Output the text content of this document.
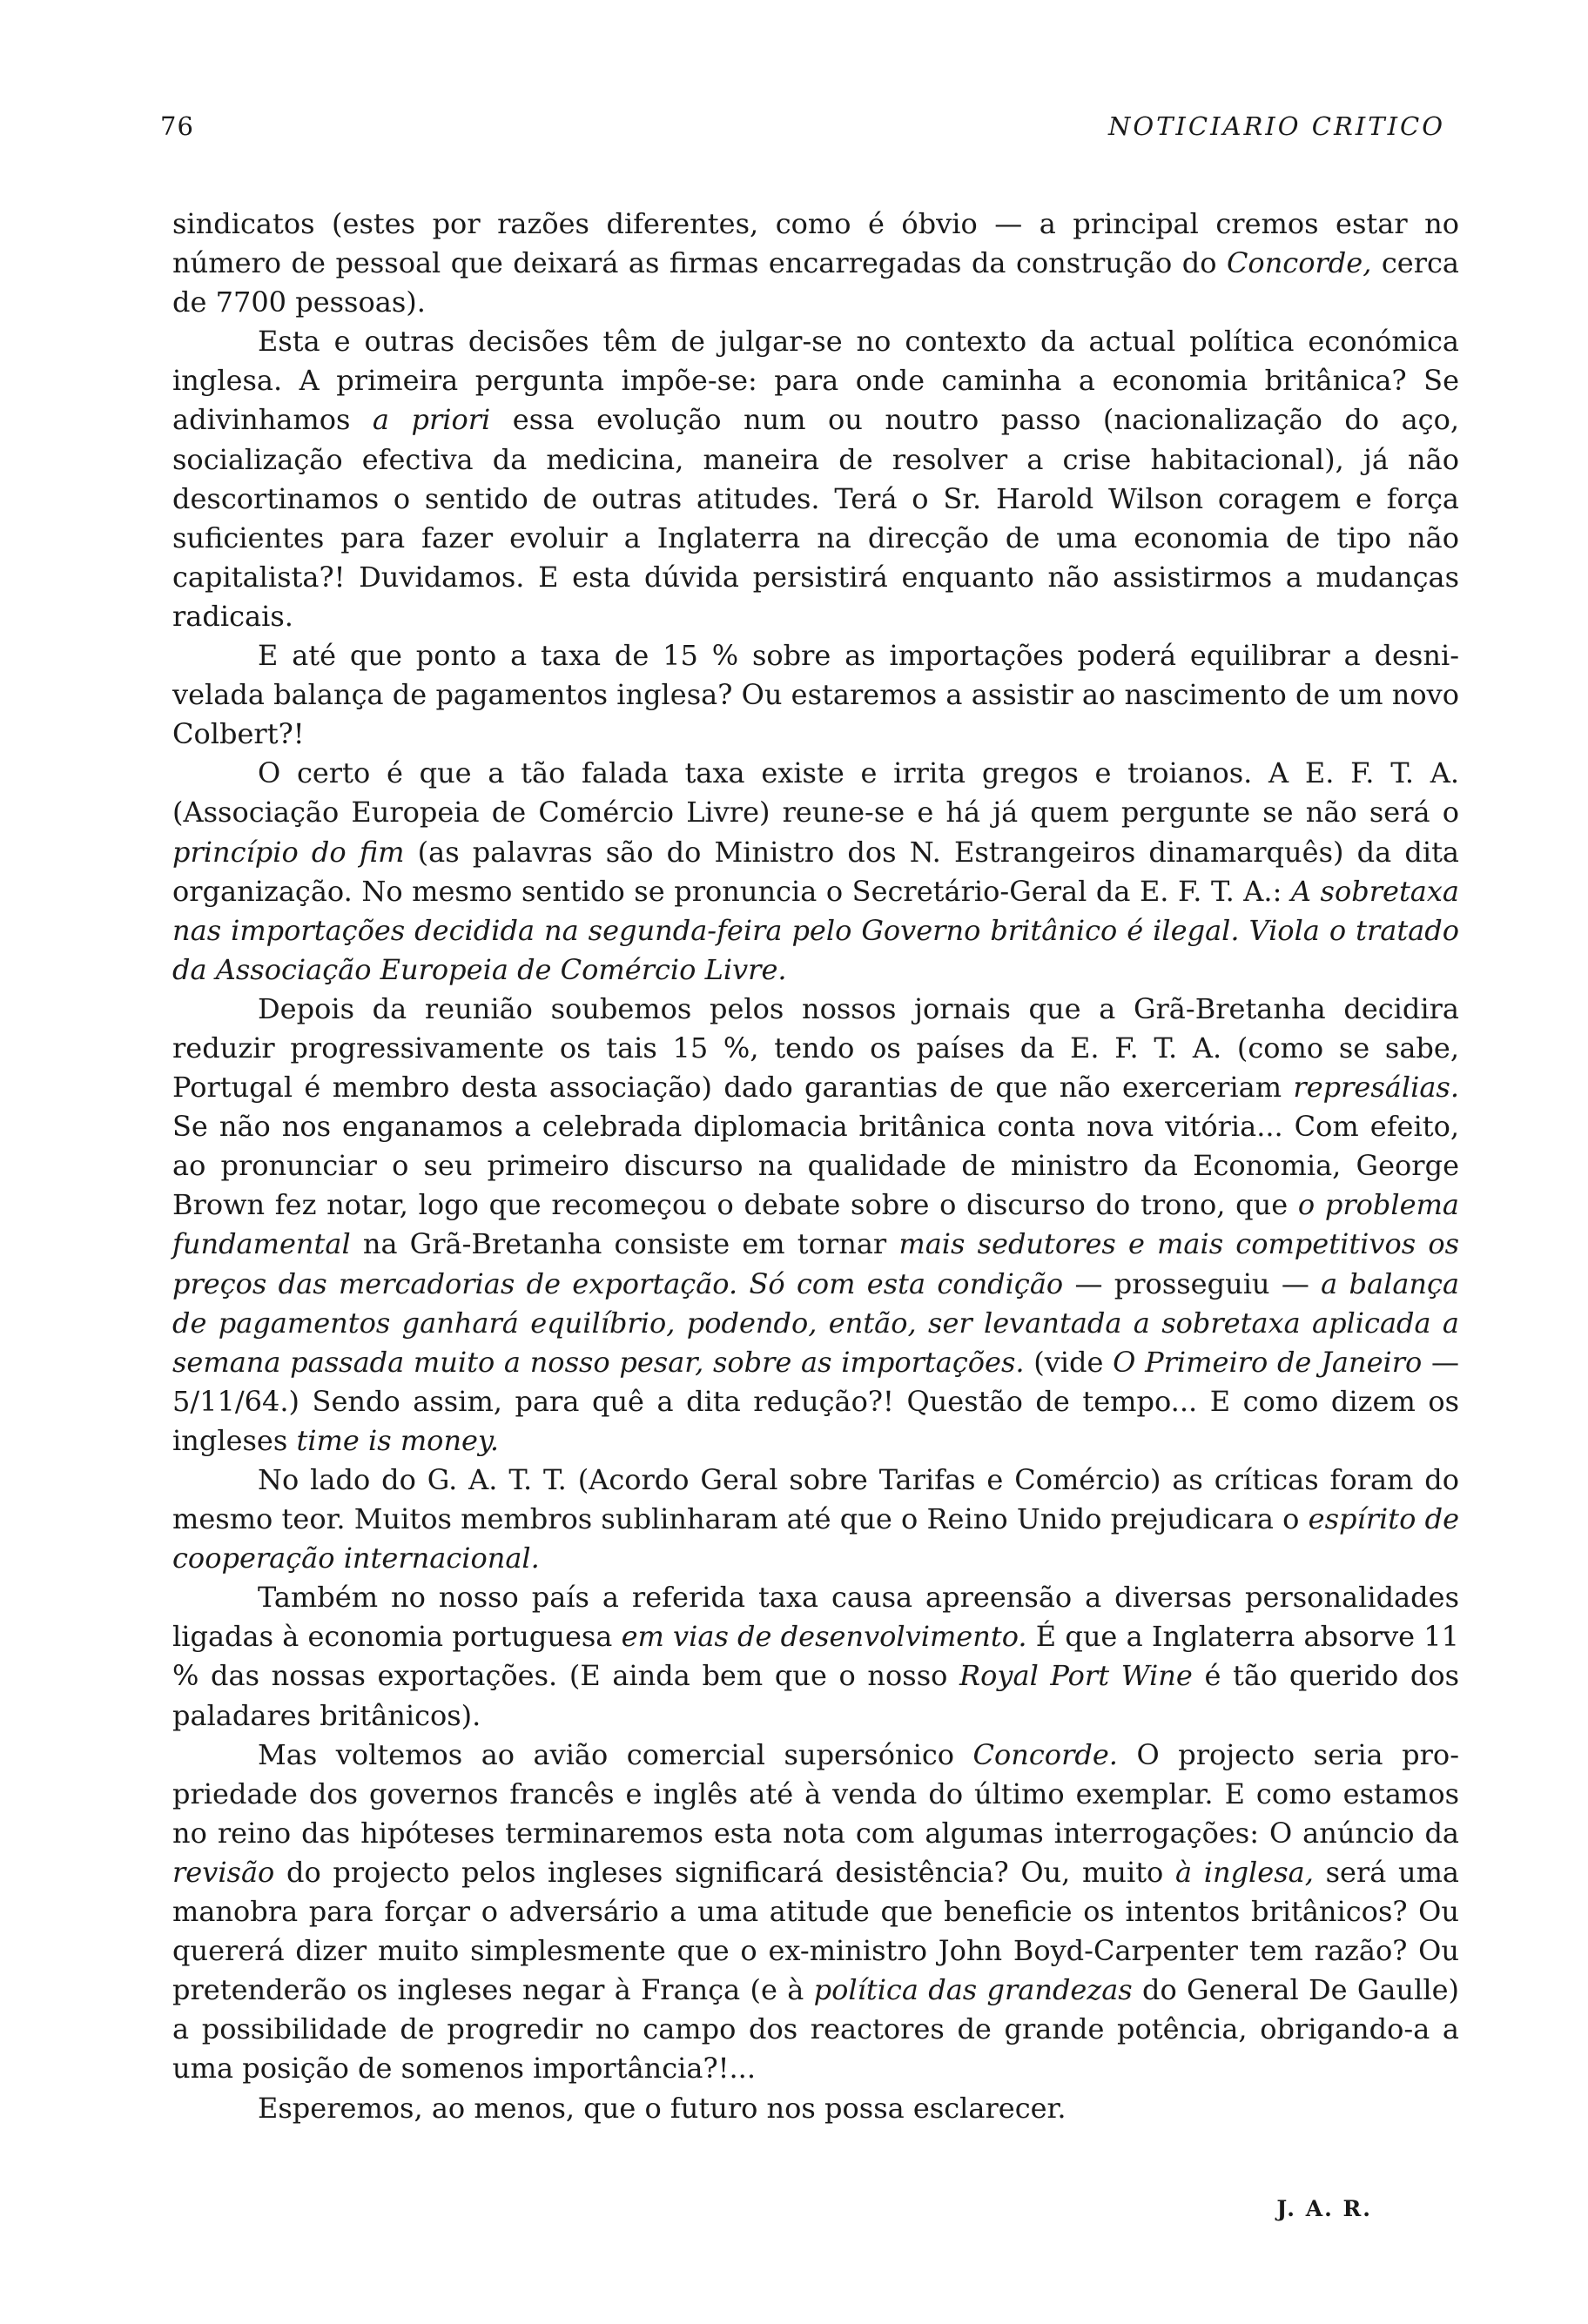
76	NOTICIARIO CRITICO

sindicatos (estes por razões diferentes, como é óbvio — a principal cremos estar no número de pessoal que deixará as firmas encarregadas da construção do Concorde, cerca de 7700 pessoas).

Esta e outras decisões têm de julgar-se no contexto da actual política económica inglesa. A primeira pergunta impõe-se: para onde caminha a economia britânica? Se adivinhamos a priori essa evolução num ou noutro passo (nacionalização do aço, socialização efectiva da medicina, maneira de resolver a crise habitacional), já não descortinamos o sentido de outras atitudes. Terá o Sr. Harold Wilson coragem e força suficientes para fazer evoluir a Inglaterra na direcção de uma economia de tipo não capitalista?! Duvidamos. E esta dúvida persistirá enquanto não assistirmos a mudanças radicais.

E até que ponto a taxa de 15 % sobre as importações poderá equilibrar a desnivelada balança de pagamentos inglesa? Ou estaremos a assistir ao nascimento de um novo Colbert?!

O certo é que a tão falada taxa existe e irrita gregos e troianos. A E. F. T. A. (Associação Europeia de Comércio Livre) reune-se e há já quem pergunte se não será o princípio do fim (as palavras são do Ministro dos N. Estrangeiros dinamarquês) da dita organização. No mesmo sentido se pronuncia o Secretário-Geral da E. F. T. A.: A sobretaxa nas importações decidida na segunda-feira pelo Governo britânico é ilegal. Viola o tratado da Associação Europeia de Comércio Livre.

Depois da reunião soubemos pelos nossos jornais que a Grã-Bretanha decidira reduzir progressivamente os tais 15 %, tendo os países da E. F. T. A. (como se sabe, Portugal é membro desta associação) dado garantias de que não exerceriam represálias. Se não nos enganamos a celebrada diplomacia britânica conta nova vitória... Com efeito, ao pronunciar o seu primeiro discurso na qualidade de ministro da Economia, George Brown fez notar, logo que recomeçou o debate sobre o discurso do trono, que o problema fundamental na Grã-Bretanha consiste em tornar mais sedutores e mais competitivos os preços das mercadorias de exportação. Só com esta condição — prosseguiu — a balança de pagamentos ganhará equilíbrio, podendo, então, ser levantada a sobretaxa aplicada a semana passada muito a nosso pesar, sobre as importações. (vide O Primeiro de Janeiro — 5/11/64.) Sendo assim, para quê a dita redução?! Questão de tempo... E como dizem os ingleses time is money.

No lado do G. A. T. T. (Acordo Geral sobre Tarifas e Comércio) as críticas foram do mesmo teor. Muitos membros sublinharam até que o Reino Unido prejudicara o espírito de cooperação internacional.

Também no nosso país a referida taxa causa apreensão a diversas personalidades ligadas à economia portuguesa em vias de desenvolvimento. É que a Inglaterra absorve 11 % das nossas exportações. (E ainda bem que o nosso Royal Port Wine é tão querido dos paladares britânicos).

Mas voltemos ao avião comercial supersónico Concorde. O projecto seria propriedade dos governos francês e inglês até à venda do último exemplar. E como estamos no reino das hipóteses terminaremos esta nota com algumas interrogações: O anúncio da revisão do projecto pelos ingleses significará desistência? Ou, muito à inglesa, será uma manobra para forçar o adversário a uma atitude que beneficie os intentos britânicos? Ou quererá dizer muito simplesmente que o ex-ministro John Boyd-Carpenter tem razão? Ou pretenderão os ingleses negar à França (e à política das grandezas do General De Gaulle) a possibilidade de progredir no campo dos reactores de grande potência, obrigando-a a uma posição de somenos importância?!...

Esperemos, ao menos, que o futuro nos possa esclarecer.

J. A. R.
